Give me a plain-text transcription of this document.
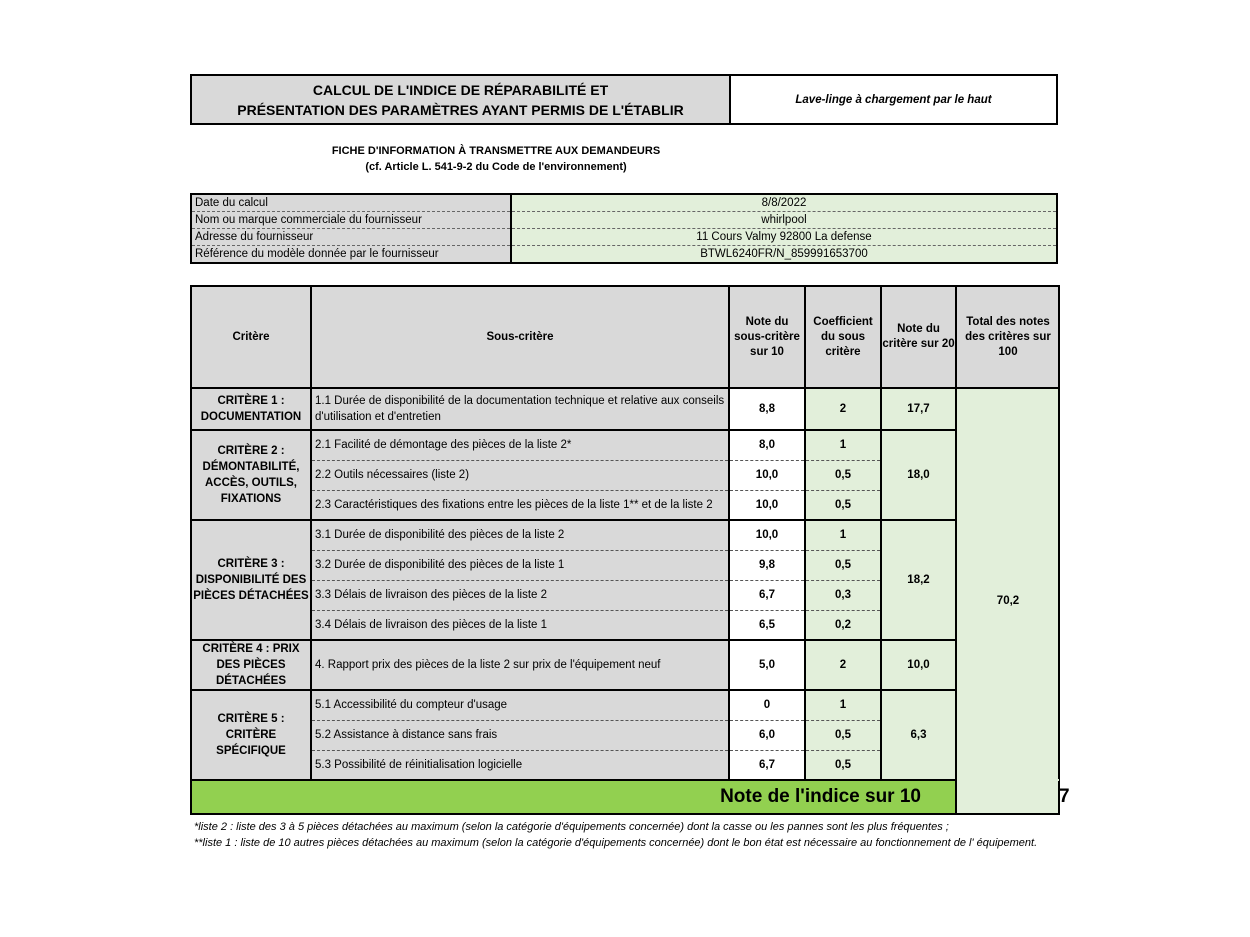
CALCUL DE L'INDICE DE RÉPARABILITÉ ET
PRÉSENTATION DES PARAMÈTRES AYANT PERMIS DE L'ÉTABLIR
Lave-linge à chargement par le haut
FICHE D'INFORMATION À TRANSMETTRE AUX DEMANDEURS
(cf. Article L. 541-9-2 du Code de l'environnement)
Date du calcul	8/8/2022
Nom ou marque commerciale du fournisseur	whirlpool
Adresse du fournisseur	11 Cours Valmy 92800 La defense
Référence du modèle donnée par le fournisseur	BTWL6240FR/N_859991653700
Critère	Sous-critère	Note du sous-critère sur 10	Coefficient du sous critère	Note du critère sur 20	Total des notes des critères sur 100	
CRITÈRE 1 : DOCUMENTATION	1.1 Durée de disponibilité de la documentation technique et relative aux conseils d'utilisation et d'entretien	8,8	2	17,7	70,2	
CRITÈRE 2 : DÉMONTABILITÉ, ACCÈS, OUTILS, FIXATIONS	2.1 Facilité de démontage des pièces de la liste 2*	8,0	1	18,0		
	2.2 Outils nécessaires (liste 2)	10,0	0,5			
	2.3 Caractéristiques des fixations entre les pièces de la liste 1** et de la liste 2	10,0	0,5			
CRITÈRE 3 : DISPONIBILITÉ DES PIÈCES DÉTACHÉES	3.1 Durée de disponibilité des pièces de la liste 2	10,0	1	18,2		
	3.2 Durée de disponibilité des pièces de la liste 1	9,8	0,5			
	3.3 Délais de livraison des pièces de la liste 2	6,7	0,3			
	3.4 Délais de livraison des pièces de la liste 1	6,5	0,2			
CRITÈRE 4 : PRIX DES PIÈCES DÉTACHÉES	4. Rapport prix des pièces de la liste 2 sur prix de l'équipement neuf	5,0	2	10,0		
CRITÈRE 5 : CRITÈRE SPÉCIFIQUE	5.1 Accessibilité du compteur d'usage	0	1	6,3		
	5.2 Assistance à distance sans frais	6,0	0,5			
	5.3 Possibilité de réinitialisation logicielle	6,7	0,5			
Note de l'indice sur 10						7
*liste 2 : liste des 3 à 5 pièces détachées au maximum (selon la catégorie d'équipements concernée) dont la casse ou les pannes sont les plus fréquentes ;
**liste 1 : liste de 10 autres pièces détachées au maximum (selon la catégorie d'équipements concernée) dont le bon état est nécessaire au fonctionnement de l' équipement.
